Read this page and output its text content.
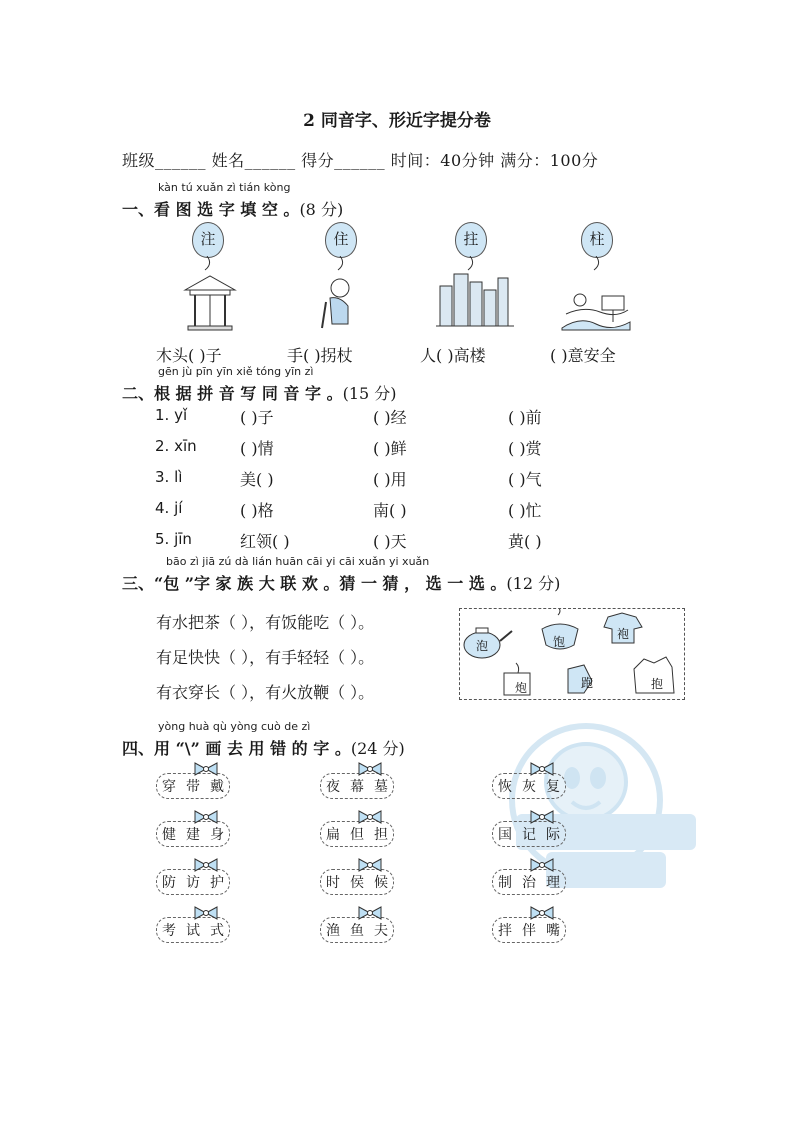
2 同音字、形近字提分卷
班级______ 姓名______ 得分______ 时间：40分钟 满分：100分
kàn tú xuǎn zì tián kòng
一、看 图 选 字 填 空 。(8 分)
注	住	拄	柱
木头( )子	手( )拐杖	人( )高楼	( )意安全
gēn jù pīn yīn xiě tóng yīn zì
二、根 据 拼 音 写 同 音 字 。(15 分)
1. yǐ	( )子	( )经	( )前
2. xīn	( )情	( )鲜	( )赏
3. lì	美( )	( )用	( )气
4. jí	( )格	南( )	( )忙
5. jīn	红领( )	( )天	黄( )
bāo zì jiā zú dà lián huān cāi yi cāi xuǎn yi xuǎn
三、“包 ”字 家 族 大 联 欢 。猜 一 猜 ， 选 一 选 。(12 分)
有水把茶（ ），有饭能吃（ ）。
有足快快（ ），有手轻轻（ ）。
有衣穿长（ ），有火放鞭（ ）。
泡	饱
袍
炮	跑	抱
yòng huà qù yòng cuò de zì
四、用 “\” 画 去 用 错 的 字 。(24 分)
穿 带 戴	夜 幕 墓	恢 灰 复
健 建 身	扁 但 担	国 记 际
防 访 护	时 侯 候	制 治 理
考 试 式	渔 鱼 夫	拌 伴 嘴
